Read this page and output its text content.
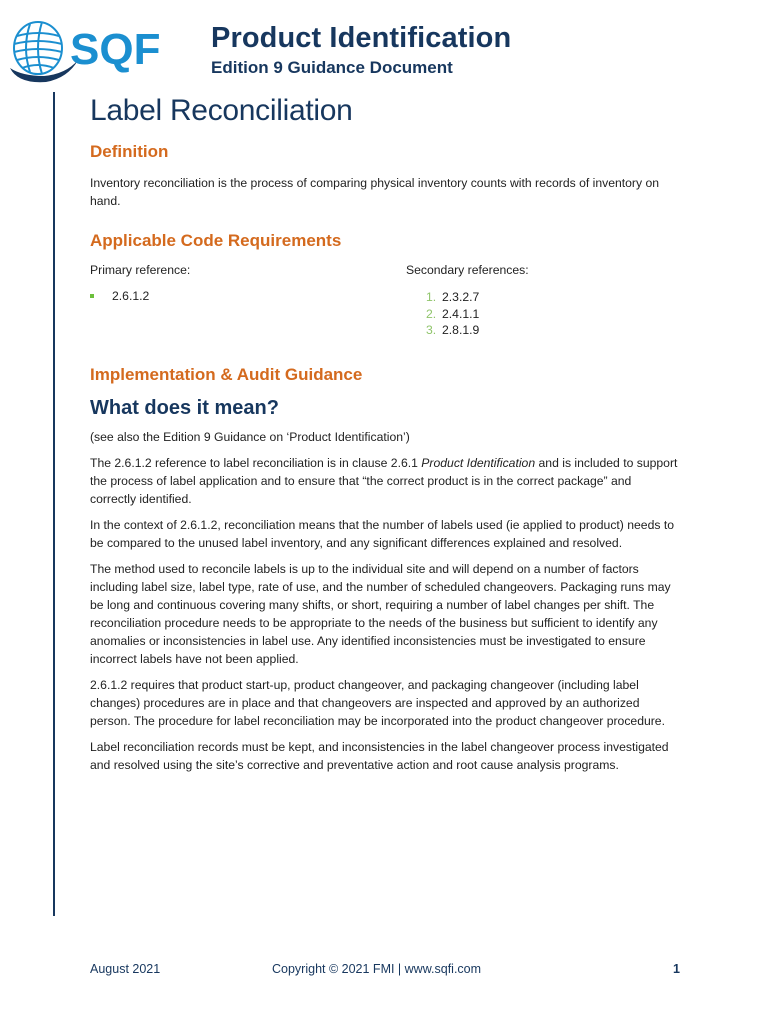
SQF Product Identification
Edition 9 Guidance Document
Label Reconciliation
Definition

Inventory reconciliation is the process of comparing physical inventory counts with records of inventory on hand.

Applicable Code Requirements
Primary reference:
2.6.1.2
Secondary references:
1. 2.3.2.7
2. 2.4.1.1
3. 2.8.1.9
Implementation & Audit Guidance
What does it mean?

(see also the Edition 9 Guidance on ‘Product Identification’)

The 2.6.1.2 reference to label reconciliation is in clause 2.6.1 Product Identification and is included to support the process of label application and to ensure that “the correct product is in the correct package” and correctly identified.

In the context of 2.6.1.2, reconciliation means that the number of labels used (ie applied to product) needs to be compared to the unused label inventory, and any significant differences explained and resolved.

The method used to reconcile labels is up to the individual site and will depend on a number of factors including label size, label type, rate of use, and the number of scheduled changeovers. Packaging runs may be long and continuous covering many shifts, or short, requiring a number of label changes per shift. The reconciliation procedure needs to be appropriate to the needs of the business but sufficient to identify any anomalies or inconsistencies in label use. Any identified inconsistencies must be investigated to ensure incorrect labels have not been applied.

2.6.1.2 requires that product start-up, product changeover, and packaging changeover (including label changes) procedures are in place and that changeovers are inspected and approved by an authorized person. The procedure for label reconciliation may be incorporated into the product changeover procedure.

Label reconciliation records must be kept, and inconsistencies in the label changeover process investigated and resolved using the site’s corrective and preventative action and root cause analysis programs.

August 2021	Copyright © 2021 FMI | www.sqfi.com	1
